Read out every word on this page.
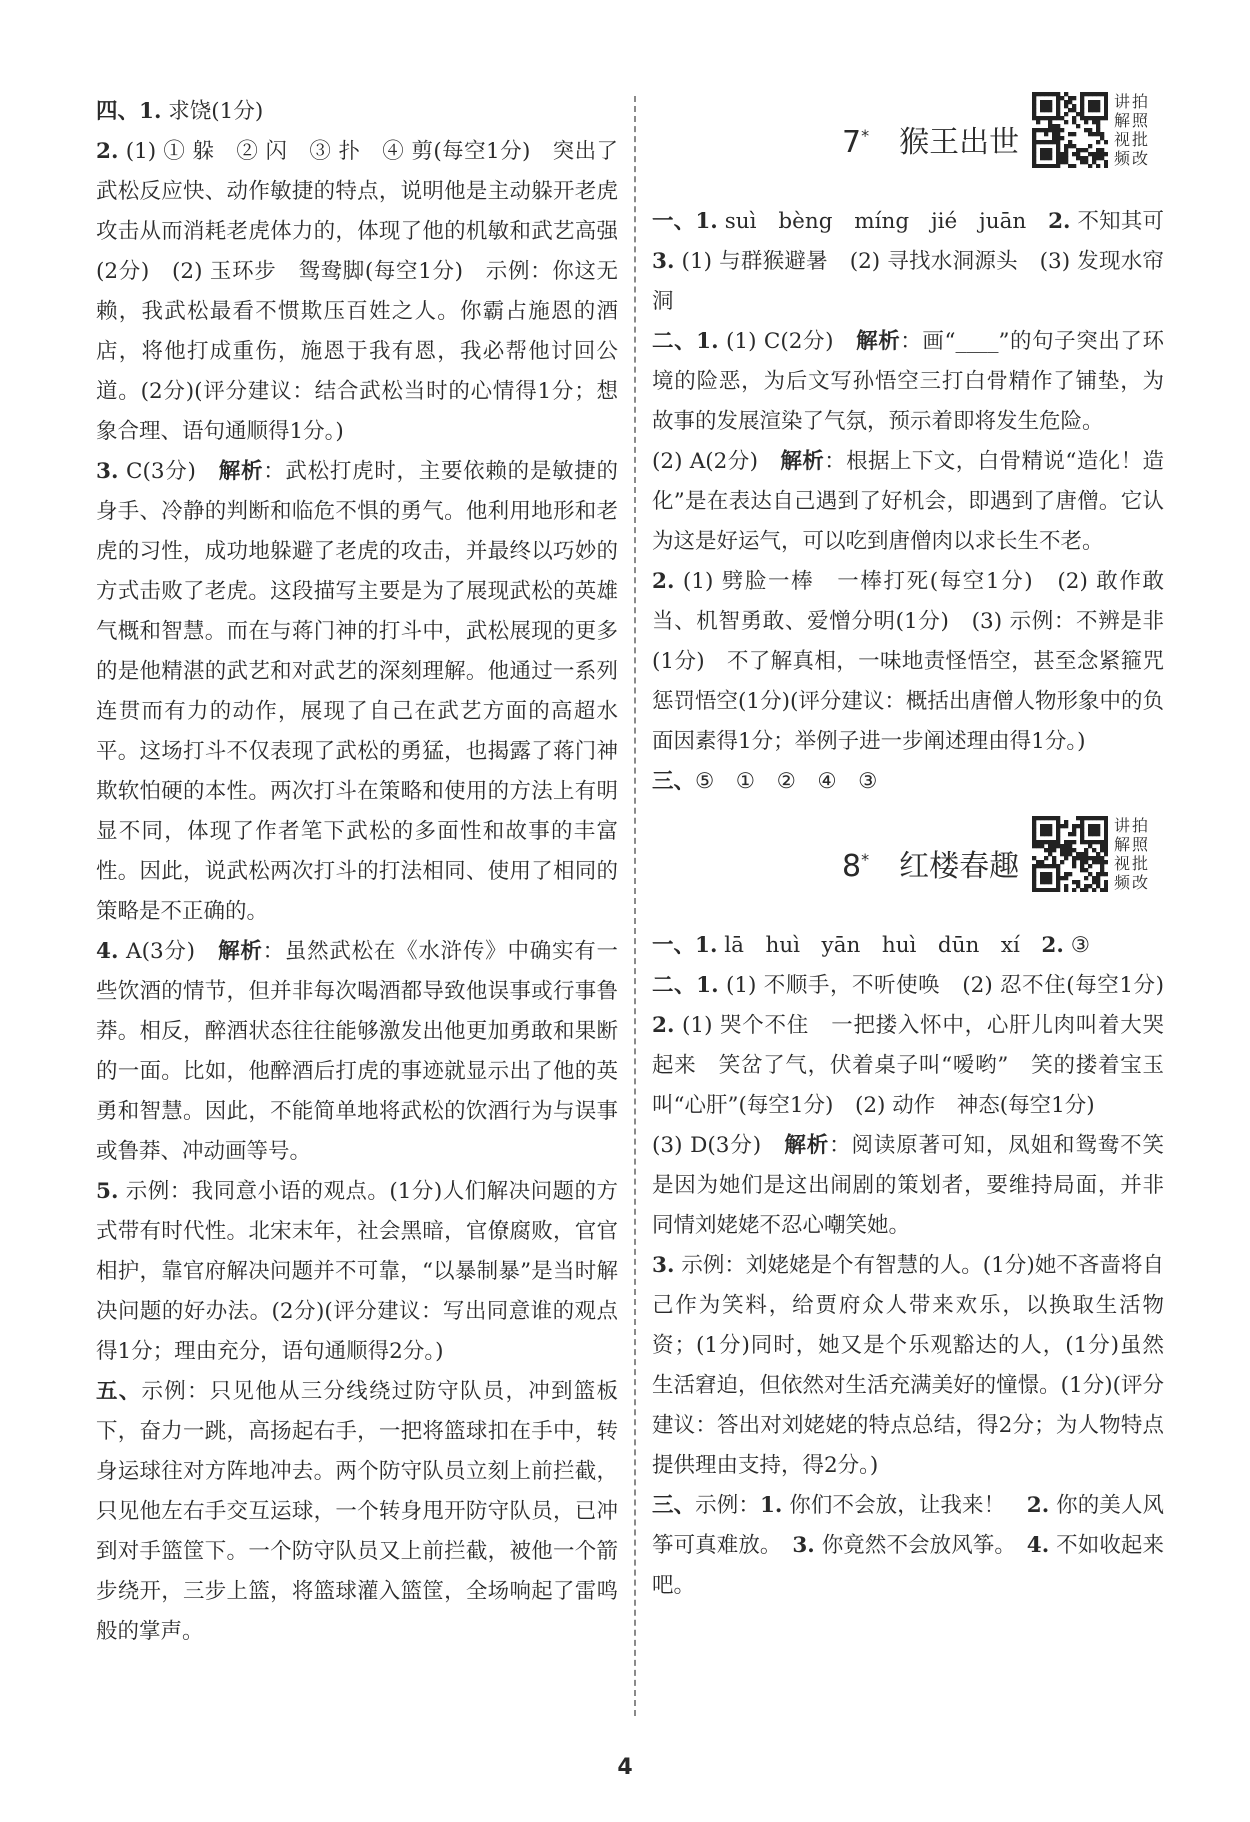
四、1. 求饶(1分)　

2. (1) ① 躲　② 闪　③ 扑　④ 剪(每空1分)　突出了武松反应快、动作敏捷的特点，说明他是主动躲开老虎攻击从而消耗老虎体力的，体现了他的机敏和武艺高强(2分)　(2) 玉环步　鸳鸯脚(每空1分)　示例：你这无赖，我武松最看不惯欺压百姓之人。你霸占施恩的酒店，将他打成重伤，施恩于我有恩，我必帮他讨回公道。(2分)(评分建议：结合武松当时的心情得1分；想象合理、语句通顺得1分。)

3. C(3分)　解析：武松打虎时，主要依赖的是敏捷的身手、冷静的判断和临危不惧的勇气。他利用地形和老虎的习性，成功地躲避了老虎的攻击，并最终以巧妙的方式击败了老虎。这段描写主要是为了展现武松的英雄气概和智慧。而在与蒋门神的打斗中，武松展现的更多的是他精湛的武艺和对武艺的深刻理解。他通过一系列连贯而有力的动作，展现了自己在武艺方面的高超水平。这场打斗不仅表现了武松的勇猛，也揭露了蒋门神欺软怕硬的本性。两次打斗在策略和使用的方法上有明显不同，体现了作者笔下武松的多面性和故事的丰富性。因此，说武松两次打斗的打法相同、使用了相同的策略是不正确的。

4. A(3分)　解析：虽然武松在《水浒传》中确实有一些饮酒的情节，但并非每次喝酒都导致他误事或行事鲁莽。相反，醉酒状态往往能够激发出他更加勇敢和果断的一面。比如，他醉酒后打虎的事迹就显示出了他的英勇和智慧。因此，不能简单地将武松的饮酒行为与误事或鲁莽、冲动画等号。

5. 示例：我同意小语的观点。(1分)人们解决问题的方式带有时代性。北宋末年，社会黑暗，官僚腐败，官官相护，靠官府解决问题并不可靠，“以暴制暴”是当时解决问题的好办法。(2分)(评分建议：写出同意谁的观点得1分；理由充分，语句通顺得2分。)

五、示例：只见他从三分线绕过防守队员，冲到篮板下，奋力一跳，高扬起右手，一把将篮球扣在手中，转身运球往对方阵地冲去。两个防守队员立刻上前拦截，只见他左右手交互运球，一个转身甩开防守队员，已冲到对手篮筐下。一个防守队员又上前拦截，被他一个箭步绕开，三步上篮，将篮球灌入篮筐，全场响起了雷鸣般的掌声。

7*　 猴王出世
讲拍解照视批频改

一、1. suì　bèng　míng　jié　juān　2. 不知其可　3. (1) 与群猴避暑　(2) 寻找水洞源头　(3) 发现水帘洞

二、1. (1) C(2分)　解析：画“____”的句子突出了环境的险恶，为后文写孙悟空三打白骨精作了铺垫，为故事的发展渲染了气氛，预示着即将发生危险。

(2) A(2分)　解析：根据上下文，白骨精说“造化！造化”是在表达自己遇到了好机会，即遇到了唐僧。它认为这是好运气，可以吃到唐僧肉以求长生不老。

2. (1) 劈脸一棒　一棒打死(每空1分)　(2) 敢作敢当、机智勇敢、爱憎分明(1分)　(3) 示例：不辨是非(1分)　不了解真相，一味地责怪悟空，甚至念紧箍咒惩罚悟空(1分)(评分建议：概括出唐僧人物形象中的负面因素得1分；举例子进一步阐述理由得1分。)

三、⑤　①　②　④　③

8*　 红楼春趣
讲拍解照视批频改

一、1. lā　huì　yān　huì　dūn　xí　2. ③

二、1. (1) 不顺手，不听使唤　(2) 忍不住(每空1分)　2. (1) 哭个不住　一把搂入怀中，心肝儿肉叫着大哭起来　笑岔了气，伏着桌子叫“嗳哟”　笑的搂着宝玉叫“心肝”(每空1分)　(2) 动作　神态(每空1分)

(3) D(3分)　解析：阅读原著可知，凤姐和鸳鸯不笑是因为她们是这出闹剧的策划者，要维持局面，并非同情刘姥姥不忍心嘲笑她。

3. 示例：刘姥姥是个有智慧的人。(1分)她不吝啬将自己作为笑料，给贾府众人带来欢乐，以换取生活物资；(1分)同时，她又是个乐观豁达的人，(1分)虽然生活窘迫，但依然对生活充满美好的憧憬。(1分)(评分建议：答出对刘姥姥的特点总结，得2分；为人物特点提供理由支持，得2分。)

三、示例：1. 你们不会放，让我来！　2. 你的美人风筝可真难放。　3. 你竟然不会放风筝。　4. 不如收起来吧。

4
